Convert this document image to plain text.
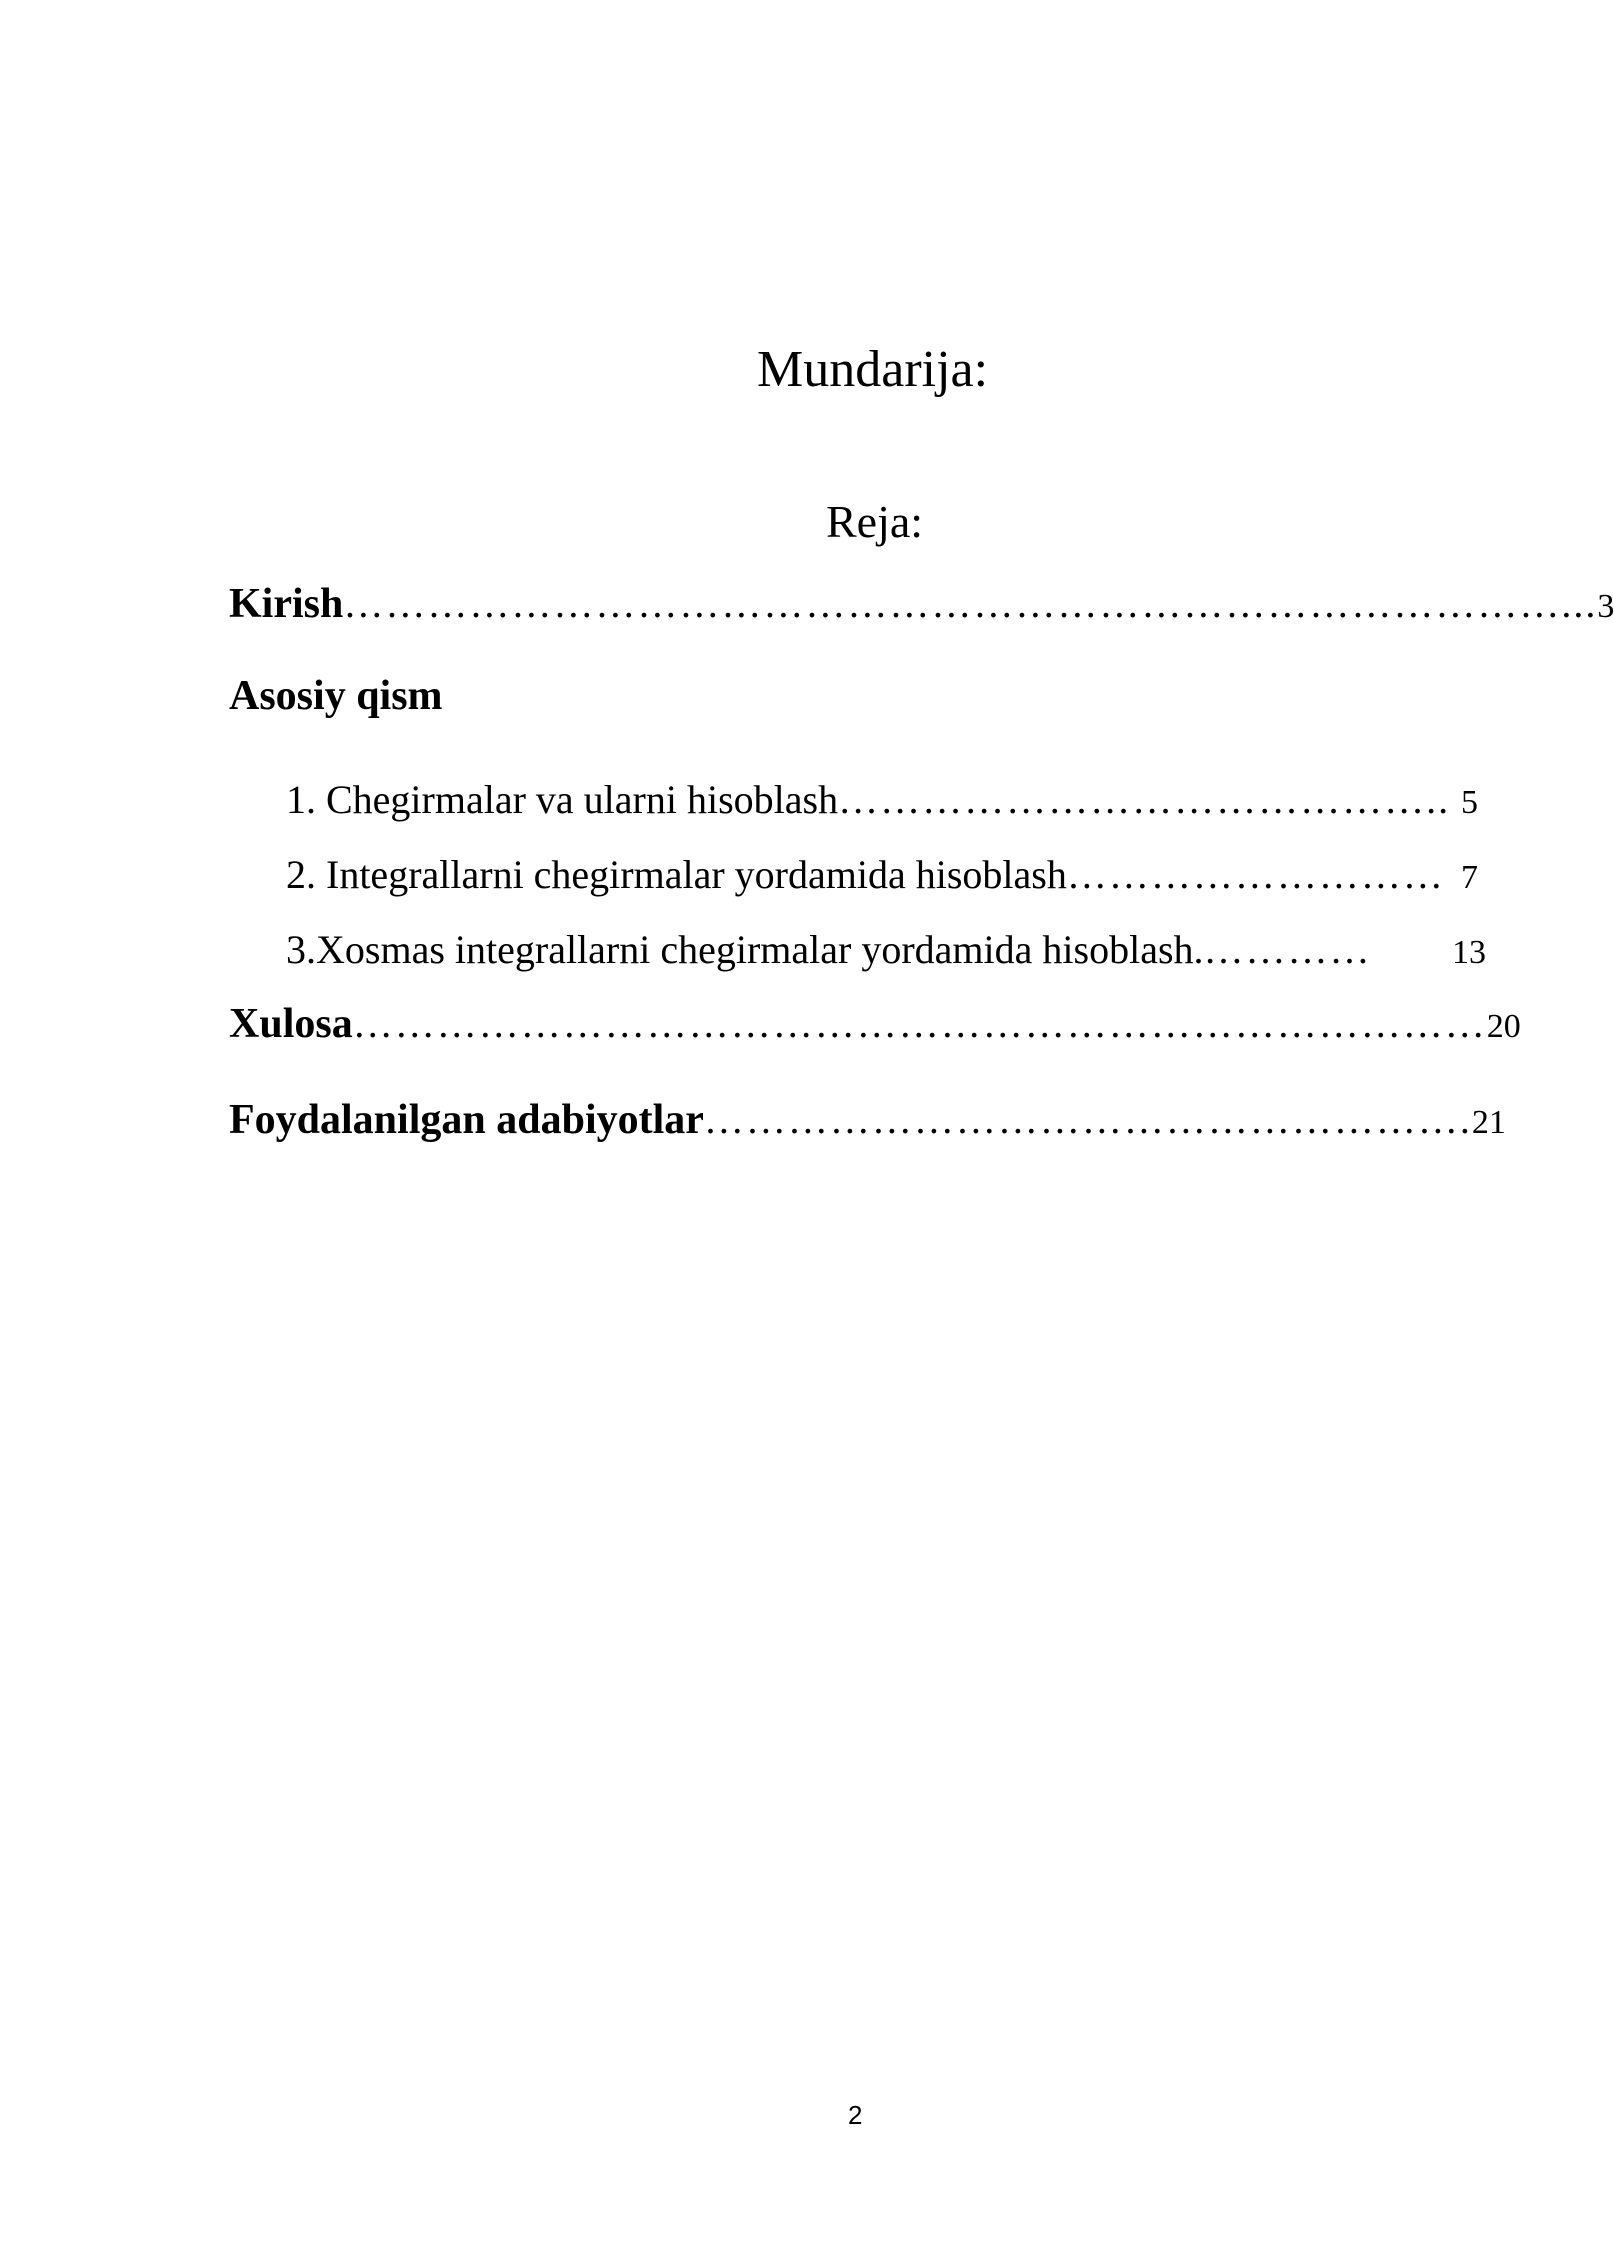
Mundarija:
Reja:
Kirish ……………………………………………………………………………... 3
Asosiy qism
1. Chegirmalar va ularni hisoblash …………………………………….. 5
2. Integrallarni chegirmalar yordamida hisoblash ……………………… 7
3. Xosmas integrallarni chegirmalar yordamida hisoblash. …………	13
Xulosa ……………………………………………………………………… 20
Foydalanilgan adabiyotlar ………………………………………………. 21
2
